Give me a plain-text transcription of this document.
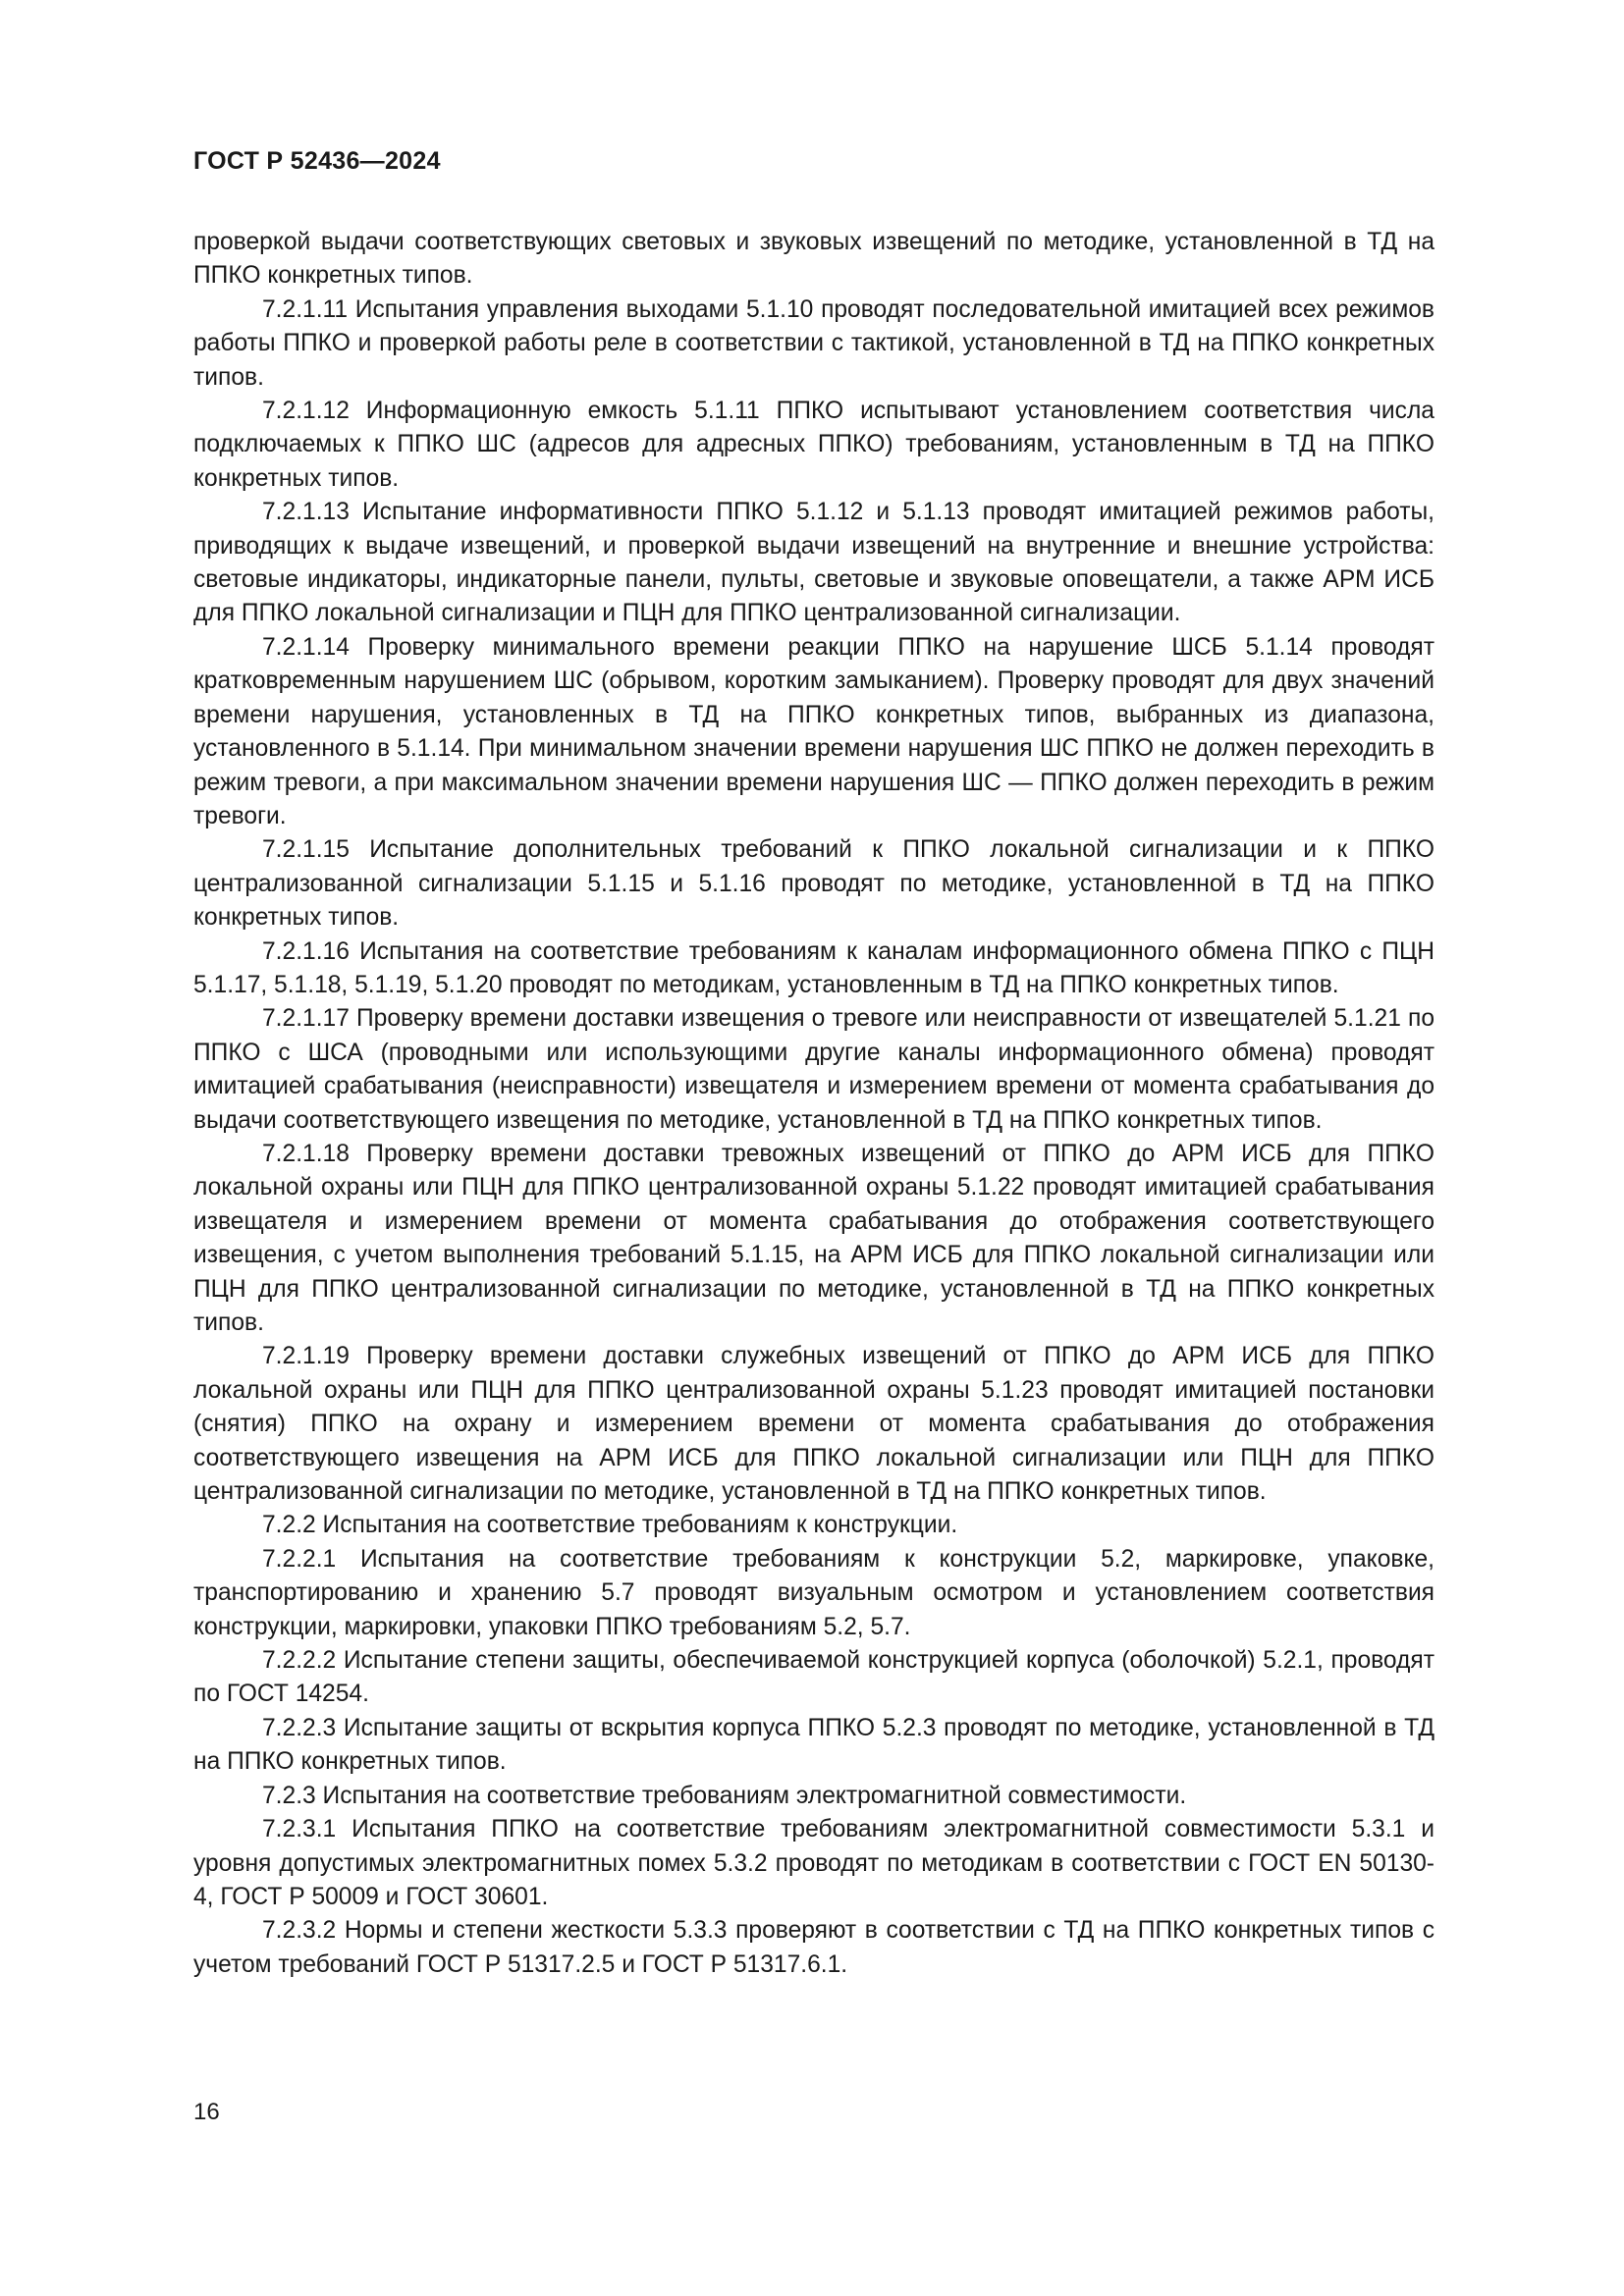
ГОСТ Р 52436—2024

проверкой выдачи соответствующих световых и звуковых извещений по методике, установленной в ТД на ППКО конкретных типов.

7.2.1.11 Испытания управления выходами 5.1.10 проводят последовательной имитацией всех режимов работы ППКО и проверкой работы реле в соответствии с тактикой, установленной в ТД на ППКО конкретных типов.

7.2.1.12 Информационную емкость 5.1.11 ППКО испытывают установлением соответствия числа подключаемых к ППКО ШС (адресов для адресных ППКО) требованиям, установленным в ТД на ППКО конкретных типов.

7.2.1.13 Испытание информативности ППКО 5.1.12 и 5.1.13 проводят имитацией режимов работы, приводящих к выдаче извещений, и проверкой выдачи извещений на внутренние и внешние устройства: световые индикаторы, индикаторные панели, пульты, световые и звуковые оповещатели, а также АРМ ИСБ для ППКО локальной сигнализации и ПЦН для ППКО централизованной сигнализации.

7.2.1.14 Проверку минимального времени реакции ППКО на нарушение ШСБ 5.1.14 проводят кратковременным нарушением ШС (обрывом, коротким замыканием). Проверку проводят для двух значений времени нарушения, установленных в ТД на ППКО конкретных типов, выбранных из диапазона, установленного в 5.1.14. При минимальном значении времени нарушения ШС ППКО не должен переходить в режим тревоги, а при максимальном значении времени нарушения ШС — ППКО должен переходить в режим тревоги.

7.2.1.15 Испытание дополнительных требований к ППКО локальной сигнализации и к ППКО централизованной сигнализации 5.1.15 и 5.1.16 проводят по методике, установленной в ТД на ППКО конкретных типов.

7.2.1.16 Испытания на соответствие требованиям к каналам информационного обмена ППКО с ПЦН 5.1.17, 5.1.18, 5.1.19, 5.1.20 проводят по методикам, установленным в ТД на ППКО конкретных типов.

7.2.1.17 Проверку времени доставки извещения о тревоге или неисправности от извещателей 5.1.21 по ППКО с ШСА (проводными или использующими другие каналы информационного обмена) проводят имитацией срабатывания (неисправности) извещателя и измерением времени от момента срабатывания до выдачи соответствующего извещения по методике, установленной в ТД на ППКО конкретных типов.

7.2.1.18 Проверку времени доставки тревожных извещений от ППКО до АРМ ИСБ для ППКО локальной охраны или ПЦН для ППКО централизованной охраны 5.1.22 проводят имитацией срабатывания извещателя и измерением времени от момента срабатывания до отображения соответствующего извещения, с учетом выполнения требований 5.1.15, на АРМ ИСБ для ППКО локальной сигнализации или ПЦН для ППКО централизованной сигнализации по методике, установленной в ТД на ППКО конкретных типов.

7.2.1.19 Проверку времени доставки служебных извещений от ППКО до АРМ ИСБ для ППКО локальной охраны или ПЦН для ППКО централизованной охраны 5.1.23 проводят имитацией постановки (снятия) ППКО на охрану и измерением времени от момента срабатывания до отображения соответствующего извещения на АРМ ИСБ для ППКО локальной сигнализации или ПЦН для ППКО централизованной сигнализации по методике, установленной в ТД на ППКО конкретных типов.

7.2.2 Испытания на соответствие требованиям к конструкции.

7.2.2.1 Испытания на соответствие требованиям к конструкции 5.2, маркировке, упаковке, транспортированию и хранению 5.7 проводят визуальным осмотром и установлением соответствия конструкции, маркировки, упаковки ППКО требованиям 5.2, 5.7.

7.2.2.2 Испытание степени защиты, обеспечиваемой конструкцией корпуса (оболочкой) 5.2.1, проводят по ГОСТ 14254.

7.2.2.3 Испытание защиты от вскрытия корпуса ППКО 5.2.3 проводят по методике, установленной в ТД на ППКО конкретных типов.

7.2.3 Испытания на соответствие требованиям электромагнитной совместимости.

7.2.3.1 Испытания ППКО на соответствие требованиям электромагнитной совместимости 5.3.1 и уровня допустимых электромагнитных помех 5.3.2 проводят по методикам в соответствии с ГОСТ EN 50130-4, ГОСТ Р 50009 и ГОСТ 30601.

7.2.3.2 Нормы и степени жесткости 5.3.3 проверяют в соответствии с ТД на ППКО конкретных типов с учетом требований ГОСТ Р 51317.2.5 и ГОСТ Р 51317.6.1.

16
